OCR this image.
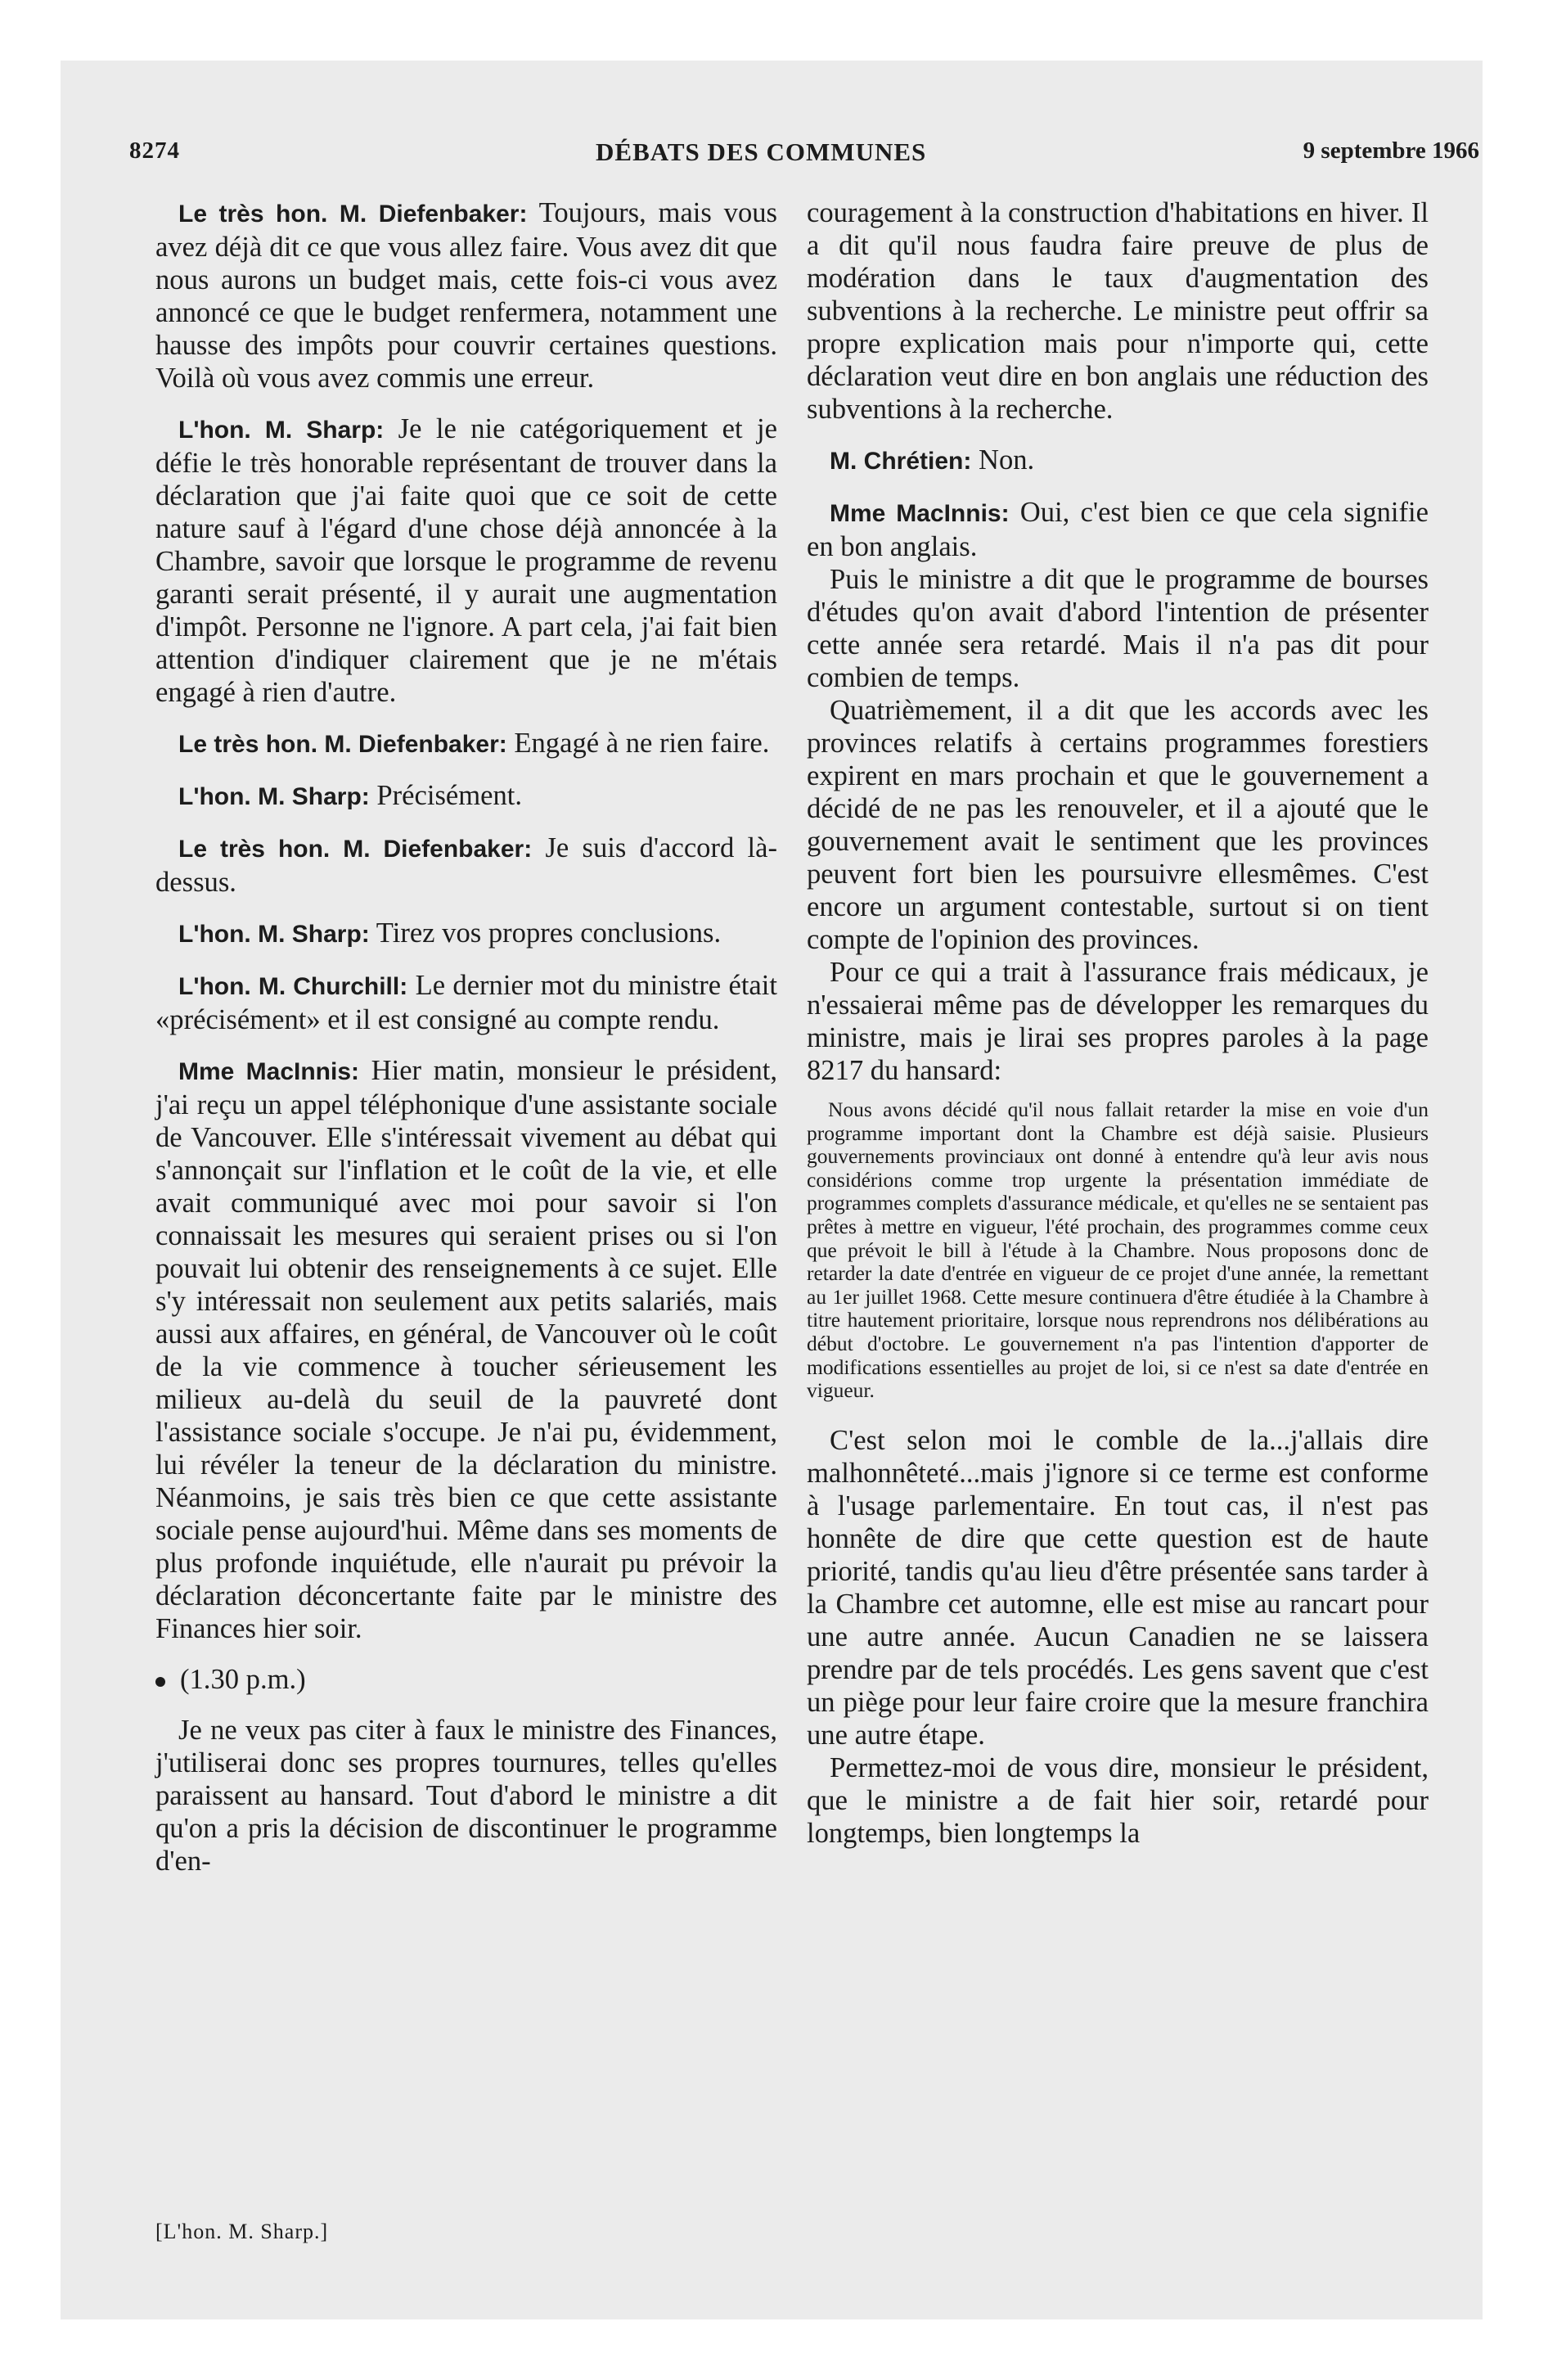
8274	DÉBATS DES COMMUNES	9 septembre 1966

Le très hon. M. Diefenbaker: Toujours, mais vous avez déjà dit ce que vous allez faire. Vous avez dit que nous aurons un budget mais, cette fois-ci vous avez annoncé ce que le budget renfermera, notamment une hausse des impôts pour couvrir certaines questions. Voilà où vous avez commis une erreur.

L'hon. M. Sharp: Je le nie catégoriquement et je défie le très honorable représentant de trouver dans la déclaration que j'ai faite quoi que ce soit de cette nature sauf à l'égard d'une chose déjà annoncée à la Chambre, savoir que lorsque le programme de revenu garanti serait présenté, il y aurait une augmentation d'impôt. Personne ne l'ignore. A part cela, j'ai fait bien attention d'indiquer clairement que je ne m'étais engagé à rien d'autre.

Le très hon. M. Diefenbaker: Engagé à ne rien faire.

L'hon. M. Sharp: Précisément.

Le très hon. M. Diefenbaker: Je suis d'accord là-dessus.

L'hon. M. Sharp: Tirez vos propres conclusions.

L'hon. M. Churchill: Le dernier mot du ministre était «précisément» et il est consigné au compte rendu.

Mme MacInnis: Hier matin, monsieur le président, j'ai reçu un appel téléphonique d'une assistante sociale de Vancouver. Elle s'intéressait vivement au débat qui s'annonçait sur l'inflation et le coût de la vie, et elle avait communiqué avec moi pour savoir si l'on connaissait les mesures qui seraient prises ou si l'on pouvait lui obtenir des renseignements à ce sujet. Elle s'y intéressait non seulement aux petits salariés, mais aussi aux affaires, en général, de Vancouver où le coût de la vie commence à toucher sérieusement les milieux au-delà du seuil de la pauvreté dont l'assistance sociale s'occupe. Je n'ai pu, évidemment, lui révéler la teneur de la déclaration du ministre. Néanmoins, je sais très bien ce que cette assistante sociale pense aujourd'hui. Même dans ses moments de plus profonde inquiétude, elle n'aurait pu prévoir la déclaration déconcertante faite par le ministre des Finances hier soir.

(1.30 p.m.)

Je ne veux pas citer à faux le ministre des Finances, j'utiliserai donc ses propres tournures, telles qu'elles paraissent au hansard. Tout d'abord le ministre a dit qu'on a pris la décision de discontinuer le programme d'en-

couragement à la construction d'habitations en hiver. Il a dit qu'il nous faudra faire preuve de plus de modération dans le taux d'augmentation des subventions à la recherche. Le ministre peut offrir sa propre explication mais pour n'importe qui, cette déclaration veut dire en bon anglais une réduction des subventions à la recherche.

M. Chrétien: Non.

Mme MacInnis: Oui, c'est bien ce que cela signifie en bon anglais.

Puis le ministre a dit que le programme de bourses d'études qu'on avait d'abord l'intention de présenter cette année sera retardé. Mais il n'a pas dit pour combien de temps.

Quatrièmement, il a dit que les accords avec les provinces relatifs à certains programmes forestiers expirent en mars prochain et que le gouvernement a décidé de ne pas les renouveler, et il a ajouté que le gouvernement avait le sentiment que les provinces peuvent fort bien les poursuivre ellesmêmes. C'est encore un argument contestable, surtout si on tient compte de l'opinion des provinces.

Pour ce qui a trait à l'assurance frais médicaux, je n'essaierai même pas de développer les remarques du ministre, mais je lirai ses propres paroles à la page 8217 du hansard:

Nous avons décidé qu'il nous fallait retarder la mise en voie d'un programme important dont la Chambre est déjà saisie. Plusieurs gouvernements provinciaux ont donné à entendre qu'à leur avis nous considérions comme trop urgente la présentation immédiate de programmes complets d'assurance médicale, et qu'elles ne se sentaient pas prêtes à mettre en vigueur, l'été prochain, des programmes comme ceux que prévoit le bill à l'étude à la Chambre. Nous proposons donc de retarder la date d'entrée en vigueur de ce projet d'une année, la remettant au 1er juillet 1968. Cette mesure continuera d'être étudiée à la Chambre à titre hautement prioritaire, lorsque nous reprendrons nos délibérations au début d'octobre. Le gouvernement n'a pas l'intention d'apporter de modifications essentielles au projet de loi, si ce n'est sa date d'entrée en vigueur.

C'est selon moi le comble de la...j'allais dire malhonnêteté...mais j'ignore si ce terme est conforme à l'usage parlementaire. En tout cas, il n'est pas honnête de dire que cette question est de haute priorité, tandis qu'au lieu d'être présentée sans tarder à la Chambre cet automne, elle est mise au rancart pour une autre année. Aucun Canadien ne se laissera prendre par de tels procédés. Les gens savent que c'est un piège pour leur faire croire que la mesure franchira une autre étape.

Permettez-moi de vous dire, monsieur le président, que le ministre a de fait hier soir, retardé pour longtemps, bien longtemps la

[L'hon. M. Sharp.]
